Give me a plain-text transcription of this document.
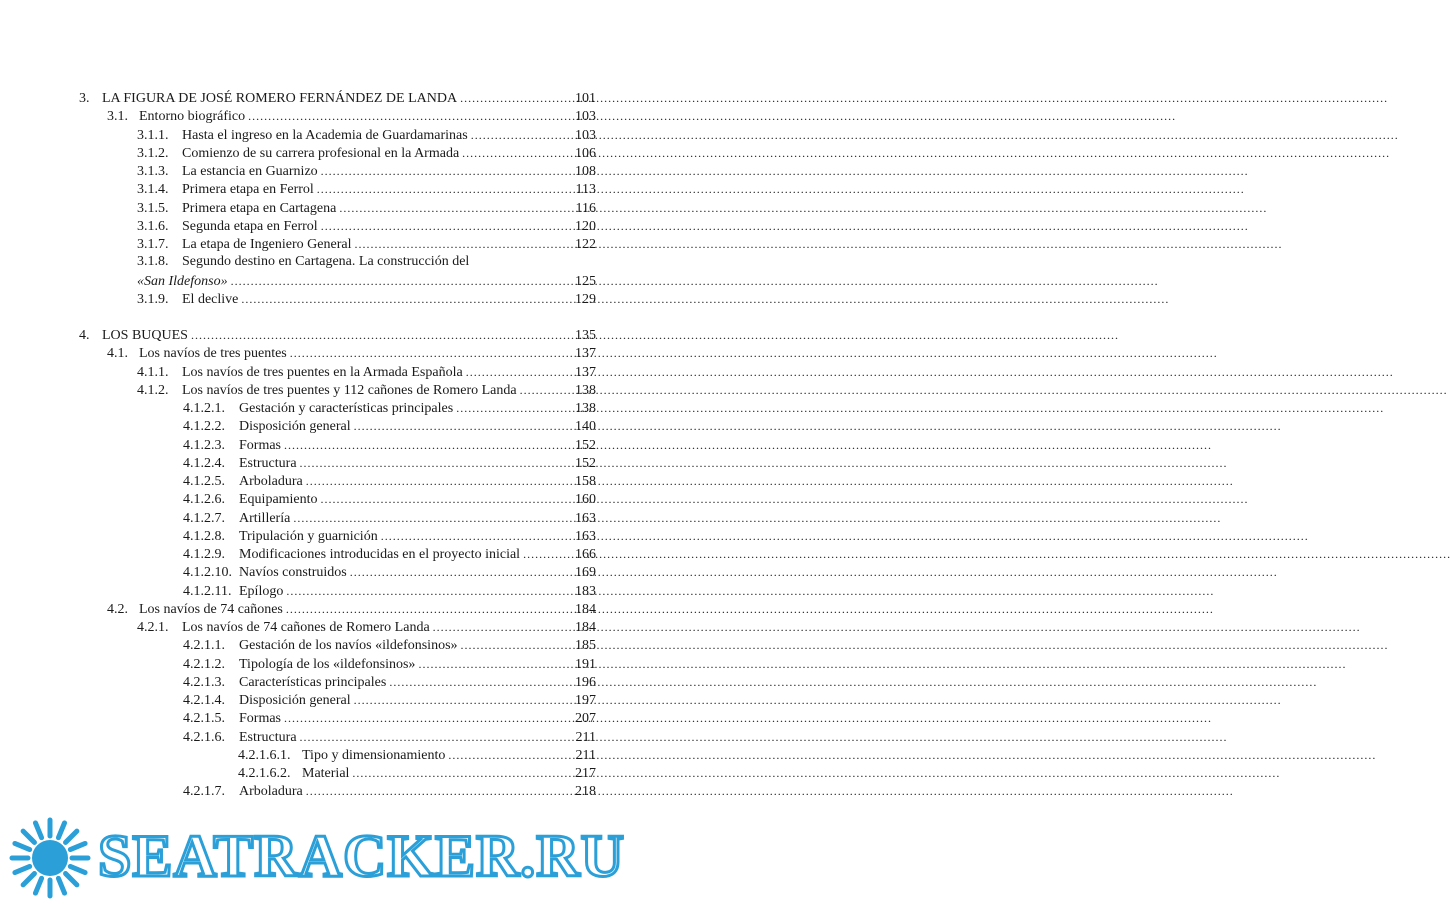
3. LA FIGURA DE JOSÉ ROMERO FERNÁNDEZ DE LANDA .....	101
3.1. Entorno biográfico .....	103
3.1.1. Hasta el ingreso en la Academia de Guardamarinas .....	103
3.1.2. Comienzo de su carrera profesional en la Armada .....	106
3.1.3. La estancia en Guarnizo .....	108
3.1.4. Primera etapa en Ferrol .....	113
3.1.5. Primera etapa en Cartagena .....	116
3.1.6. Segunda etapa en Ferrol .....	120
3.1.7. La etapa de Ingeniero General .....	122
3.1.8. Segundo destino en Cartagena. La construcción del
«San Ildefonso» .....	125
3.1.9. El declive .....	129
4. LOS BUQUES .....	135
4.1. Los navíos de tres puentes .....	137
4.1.1. Los navíos de tres puentes en la Armada Española .....	137
4.1.2. Los navíos de tres puentes y 112 cañones de Romero Landa .....	138
4.1.2.1.	Gestación y características principales .....	138
4.1.2.2.	Disposición general .....	140
4.1.2.3.	Formas .....	152
4.1.2.4.	Estructura .....	152
4.1.2.5.	Arboladura .....	158
4.1.2.6.	Equipamiento .....	160
4.1.2.7.	Artillería .....	163
4.1.2.8.	Tripulación y guarnición .....	163
4.1.2.9.	Modificaciones introducidas en el proyecto inicial .....	166
4.1.2.10. Navíos construidos .....	169
4.1.2.11. Epílogo .....	183
4.2. Los navíos de 74 cañones .....	184
4.2.1. Los navíos de 74 cañones de Romero Landa .....	184
4.2.1.1.	Gestación de los navíos «ildefonsinos» .....	185
4.2.1.2.	Tipología de los «ildefonsinos» .....	191
4.2.1.3.	Características principales .....	196
4.2.1.4.	Disposición general .....	197
4.2.1.5.	Formas .....	207
4.2.1.6.	Estructura .....	211
4.2.1.6.1. Tipo y dimensionamiento .....	211
4.2.1.6.2. Material .....	217
4.2.1.7.	Arboladura .....	218
SEATRACKER.RU
